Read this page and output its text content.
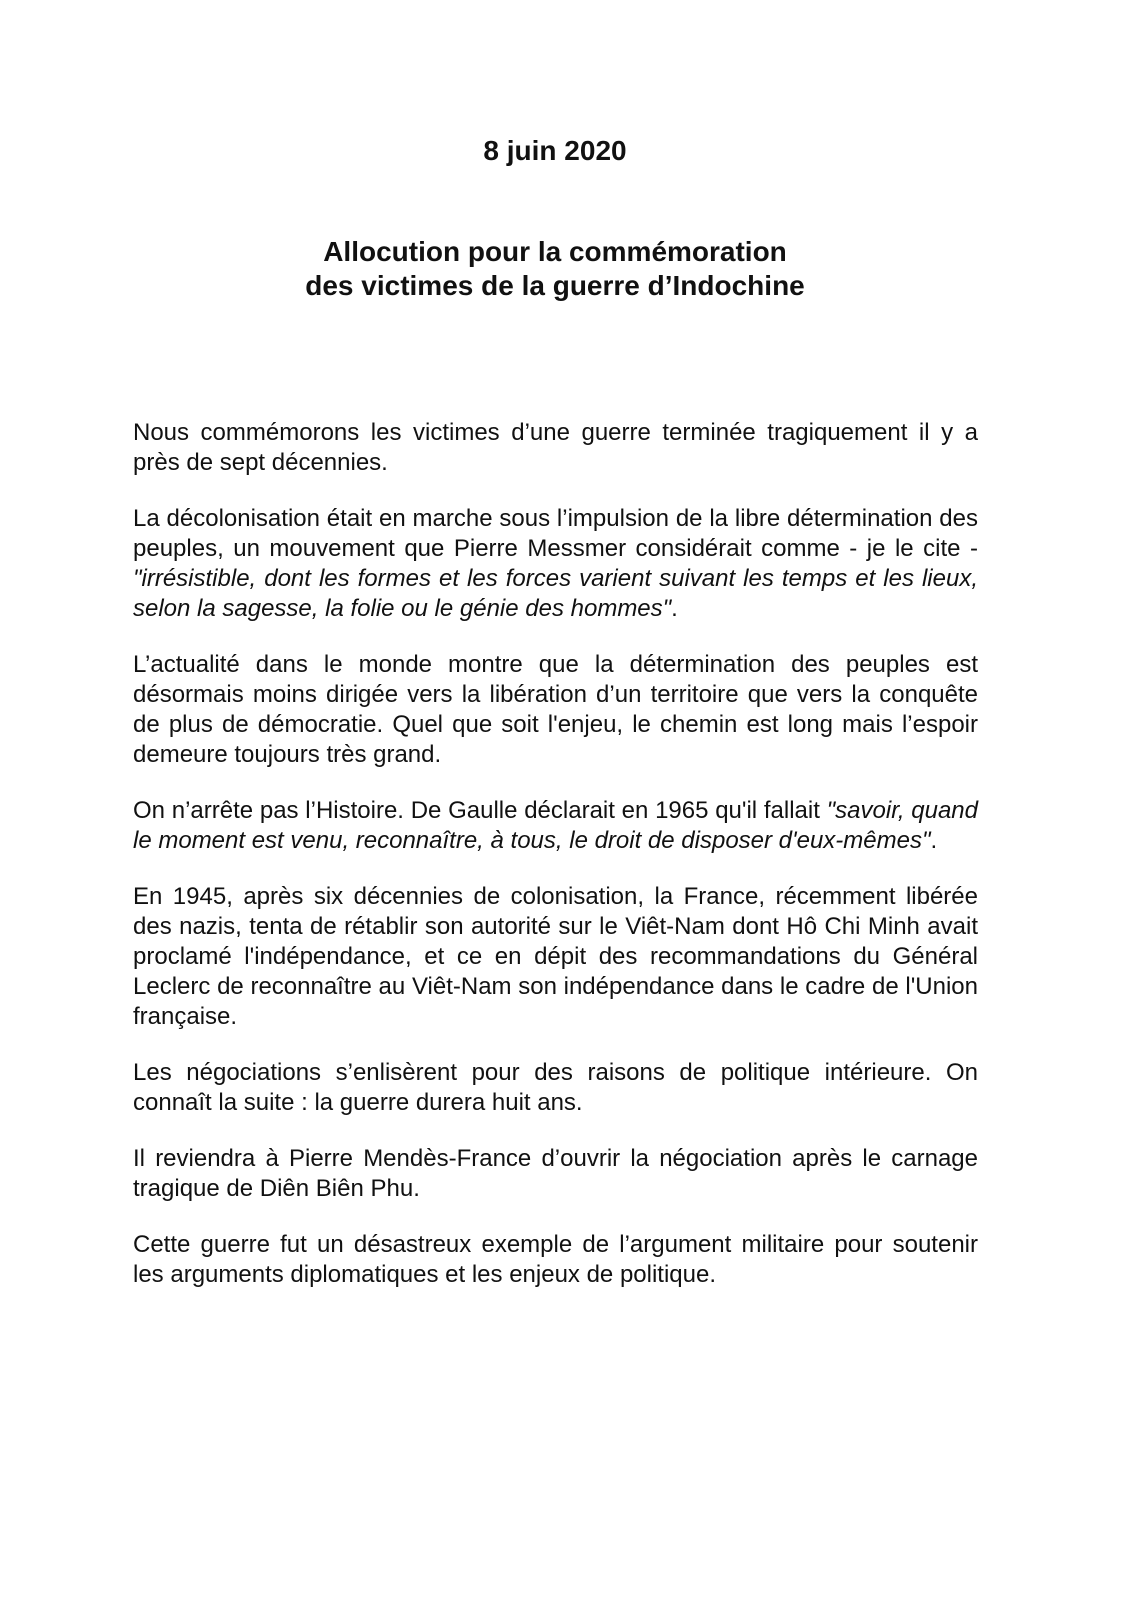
8 juin 2020
Allocution pour la commémoration
des victimes de la guerre d’Indochine

Nous commémorons les victimes d’une guerre terminée tragiquement il y a près de sept décennies.

La décolonisation était en marche sous l’impulsion de la libre détermination des peuples, un mouvement que Pierre Messmer considérait comme - je le cite - "irrésistible, dont les formes et les forces varient suivant les temps et les lieux, selon la sagesse, la folie ou le génie des hommes".

L’actualité dans le monde montre que la détermination des peuples est désormais moins dirigée vers la libération d’un territoire que vers la conquête de plus de démocratie. Quel que soit l'enjeu, le chemin est long mais l’espoir demeure toujours très grand.

On n’arrête pas l’Histoire. De Gaulle déclarait en 1965 qu'il fallait "savoir, quand le moment est venu, reconnaître, à tous, le droit de disposer d'eux-mêmes".

En 1945, après six décennies de colonisation, la France, récemment libérée des nazis, tenta de rétablir son autorité sur le Viêt-Nam dont Hô Chi Minh avait proclamé l'indépendance, et ce en dépit des recommandations du Général Leclerc de reconnaître au Viêt-Nam son indépendance dans le cadre de l'Union française.

Les négociations s’enlisèrent pour des raisons de politique intérieure. On connaît la suite : la guerre durera huit ans.

Il reviendra à Pierre Mendès-France d’ouvrir la négociation après le carnage tragique de Diên Biên Phu.

Cette guerre fut un désastreux exemple de l’argument militaire pour soutenir les arguments diplomatiques et les enjeux de politique.
